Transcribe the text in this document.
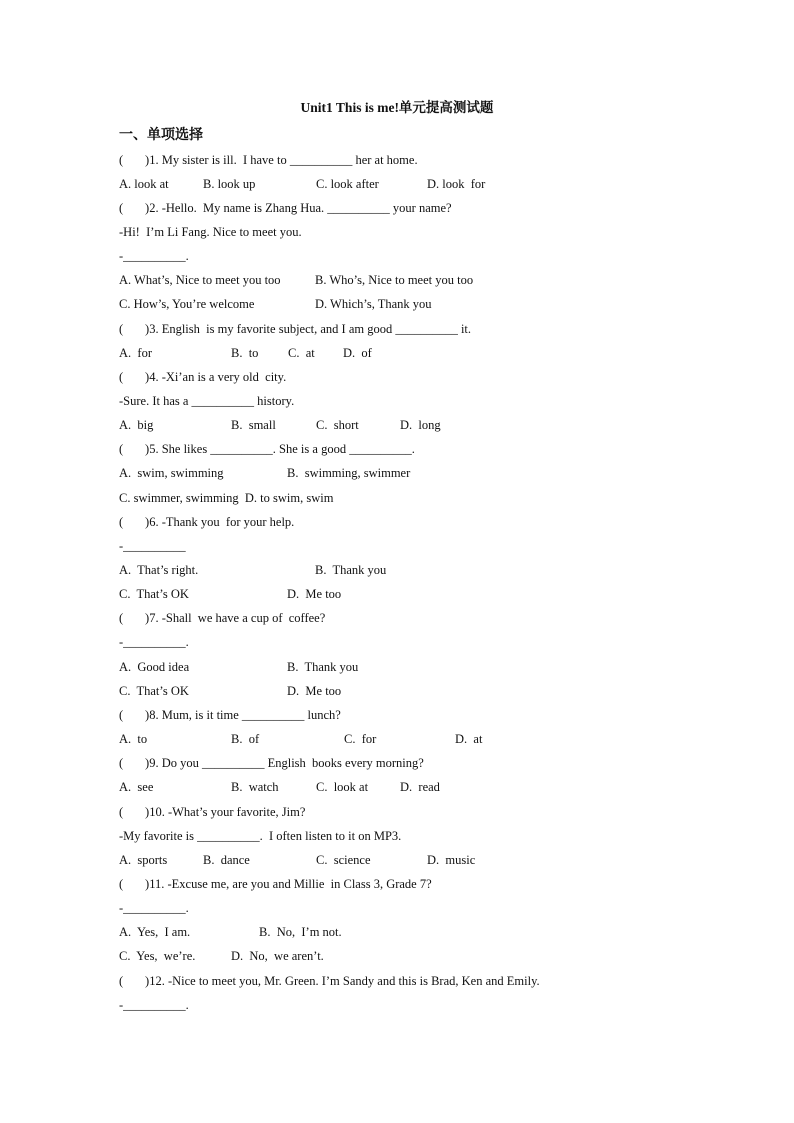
Unit1 This is me!单元提高测试题
一、单项选择
(       )1. My sister is ill.  I have to __________ her at home.
A. look at	B. look up	C. look after	D. look  for
(       )2. -Hello.  My name is Zhang Hua. __________ your name?
-Hi!  I’m Li Fang. Nice to meet you.
-__________.
A. What’s, Nice to meet you too	B. Who’s, Nice to meet you too
C. How’s, You’re welcome	D. Which’s, Thank you
(       )3. English  is my favorite subject, and I am good __________ it.
A.  for	B.  to C.  at D.  of
(       )4. -Xi’an is a very old  city.
-Sure. It has a __________ history.
A.  big	B.  small	C.  short	D.  long
(       )5. She likes __________. She is a good __________.
A.  swim, swimming	B.  swimming, swimmer
C. swimmer, swimming  D. to swim, swim
(       )6. -Thank you  for your help.
-__________
A.  That’s right.	B.  Thank you
C.  That’s OK	D.  Me too
(       )7. -Shall  we have a cup of  coffee?
-__________.
A.  Good idea	B.  Thank you
C.  That’s OK	D.  Me too
(       )8. Mum, is it time __________ lunch?
A.  to	B.  of	C.  for	D.  at
(       )9. Do you __________ English  books every morning?
A.  see	B.  watch	C.  look at	D.  read
(       )10. -What’s your favorite, Jim?
-My favorite is __________.  I often listen to it on MP3.
A.  sports	B.  dance	C.  science	D.  music
(       )11. -Excuse me, are you and Millie  in Class 3, Grade 7?
-__________.
A.  Yes,  I am.	B.  No,  I’m not.
C.  Yes,  we’re.	D.  No,  we aren’t.
(       )12. -Nice to meet you, Mr. Green. I’m Sandy and this is Brad, Ken and Emily.
-__________.
